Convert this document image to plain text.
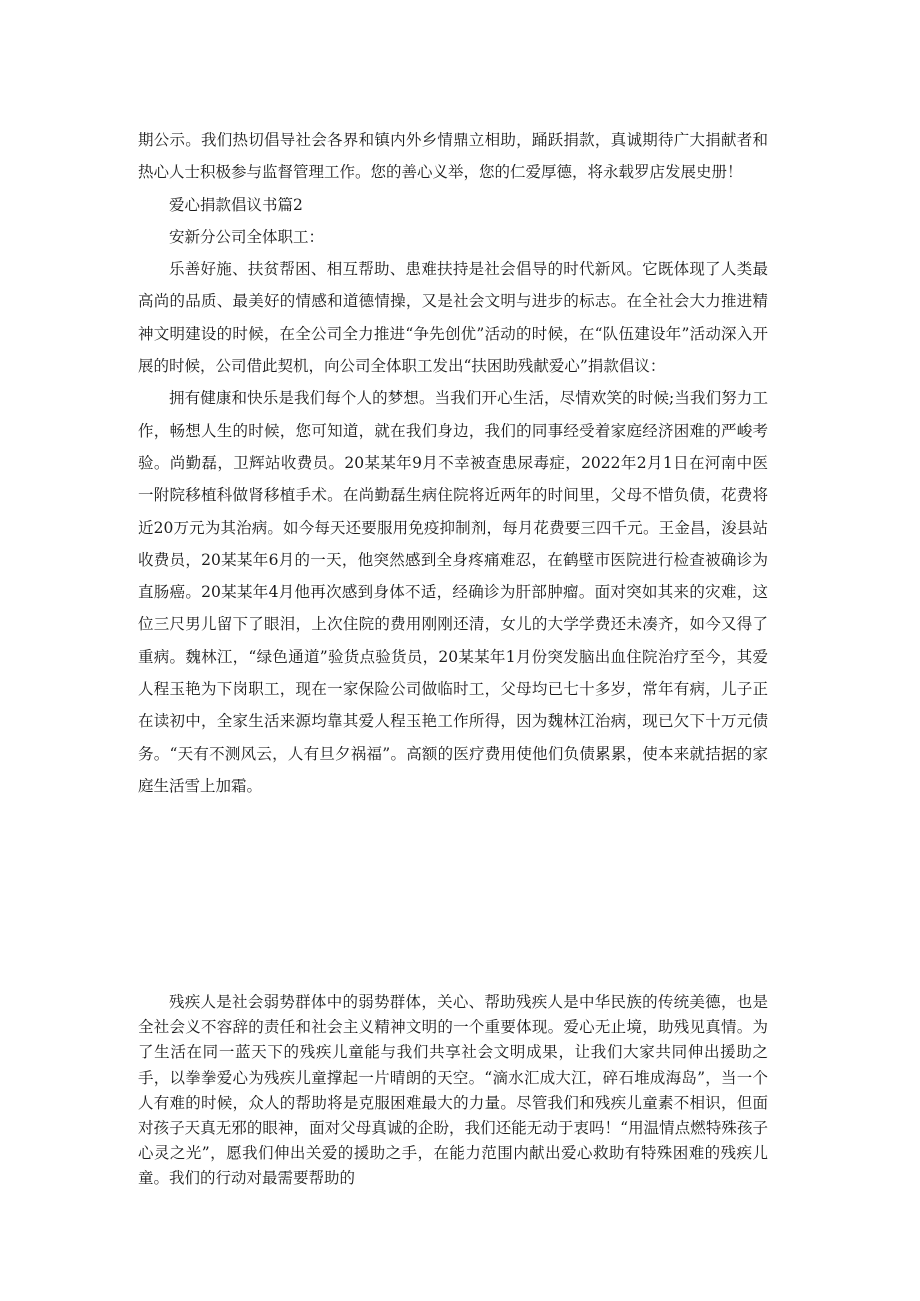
期公示。我们热切倡导社会各界和镇内外乡情鼎立相助，踊跃捐款，真诚期待广大捐献者和热心人士积极参与监督管理工作。您的善心义举，您的仁爱厚德，将永载罗店发展史册！

爱心捐款倡议书篇2

安新分公司全体职工：

乐善好施、扶贫帮困、相互帮助、患难扶持是社会倡导的时代新风。它既体现了人类最高尚的品质、最美好的情感和道德情操，又是社会文明与进步的标志。在全社会大力推进精神文明建设的时候，在全公司全力推进“争先创优”活动的时候，在“队伍建设年”活动深入开展的时候，公司借此契机，向公司全体职工发出“扶困助残献爱心”捐款倡议：

拥有健康和快乐是我们每个人的梦想。当我们开心生活，尽情欢笑的时候;当我们努力工作，畅想人生的时候，您可知道，就在我们身边，我们的同事经受着家庭经济困难的严峻考验。尚勤磊，卫辉站收费员。20某某年9月不幸被查患尿毒症，2022年2月1日在河南中医一附院移植科做肾移植手术。在尚勤磊生病住院将近两年的时间里，父母不惜负债，花费将近20万元为其治病。如今每天还要服用免疫抑制剂，每月花费要三四千元。王金昌，浚县站收费员，20某某年6月的一天，他突然感到全身疼痛难忍，在鹤壁市医院进行检查被确诊为直肠癌。20某某年4月他再次感到身体不适，经确诊为肝部肿瘤。面对突如其来的灾难，这位三尺男儿留下了眼泪，上次住院的费用刚刚还清，女儿的大学学费还未凑齐，如今又得了重病。魏林江，“绿色通道”验货点验货员，20某某年1月份突发脑出血住院治疗至今，其爱人程玉艳为下岗职工，现在一家保险公司做临时工，父母均已七十多岁，常年有病，儿子正在读初中，全家生活来源均靠其爱人程玉艳工作所得，因为魏林江治病，现已欠下十万元债务。“天有不测风云，人有旦夕祸福”。高额的医疗费用使他们负债累累，使本来就拮据的家庭生活雪上加霜。

残疾人是社会弱势群体中的弱势群体，关心、帮助残疾人是中华民族的传统美德，也是全社会义不容辞的责任和社会主义精神文明的一个重要体现。爱心无止境，助残见真情。为了生活在同一蓝天下的残疾儿童能与我们共享社会文明成果，让我们大家共同伸出援助之手，以拳拳爱心为残疾儿童撑起一片晴朗的天空。“滴水汇成大江，碎石堆成海岛”，当一个人有难的时候，众人的帮助将是克服困难最大的力量。尽管我们和残疾儿童素不相识，但面对孩子天真无邪的眼神，面对父母真诚的企盼，我们还能无动于衷吗！“用温情点燃特殊孩子心灵之光”，愿我们伸出关爱的援助之手，在能力范围内献出爱心救助有特殊困难的残疾儿童。我们的行动对最需要帮助的
